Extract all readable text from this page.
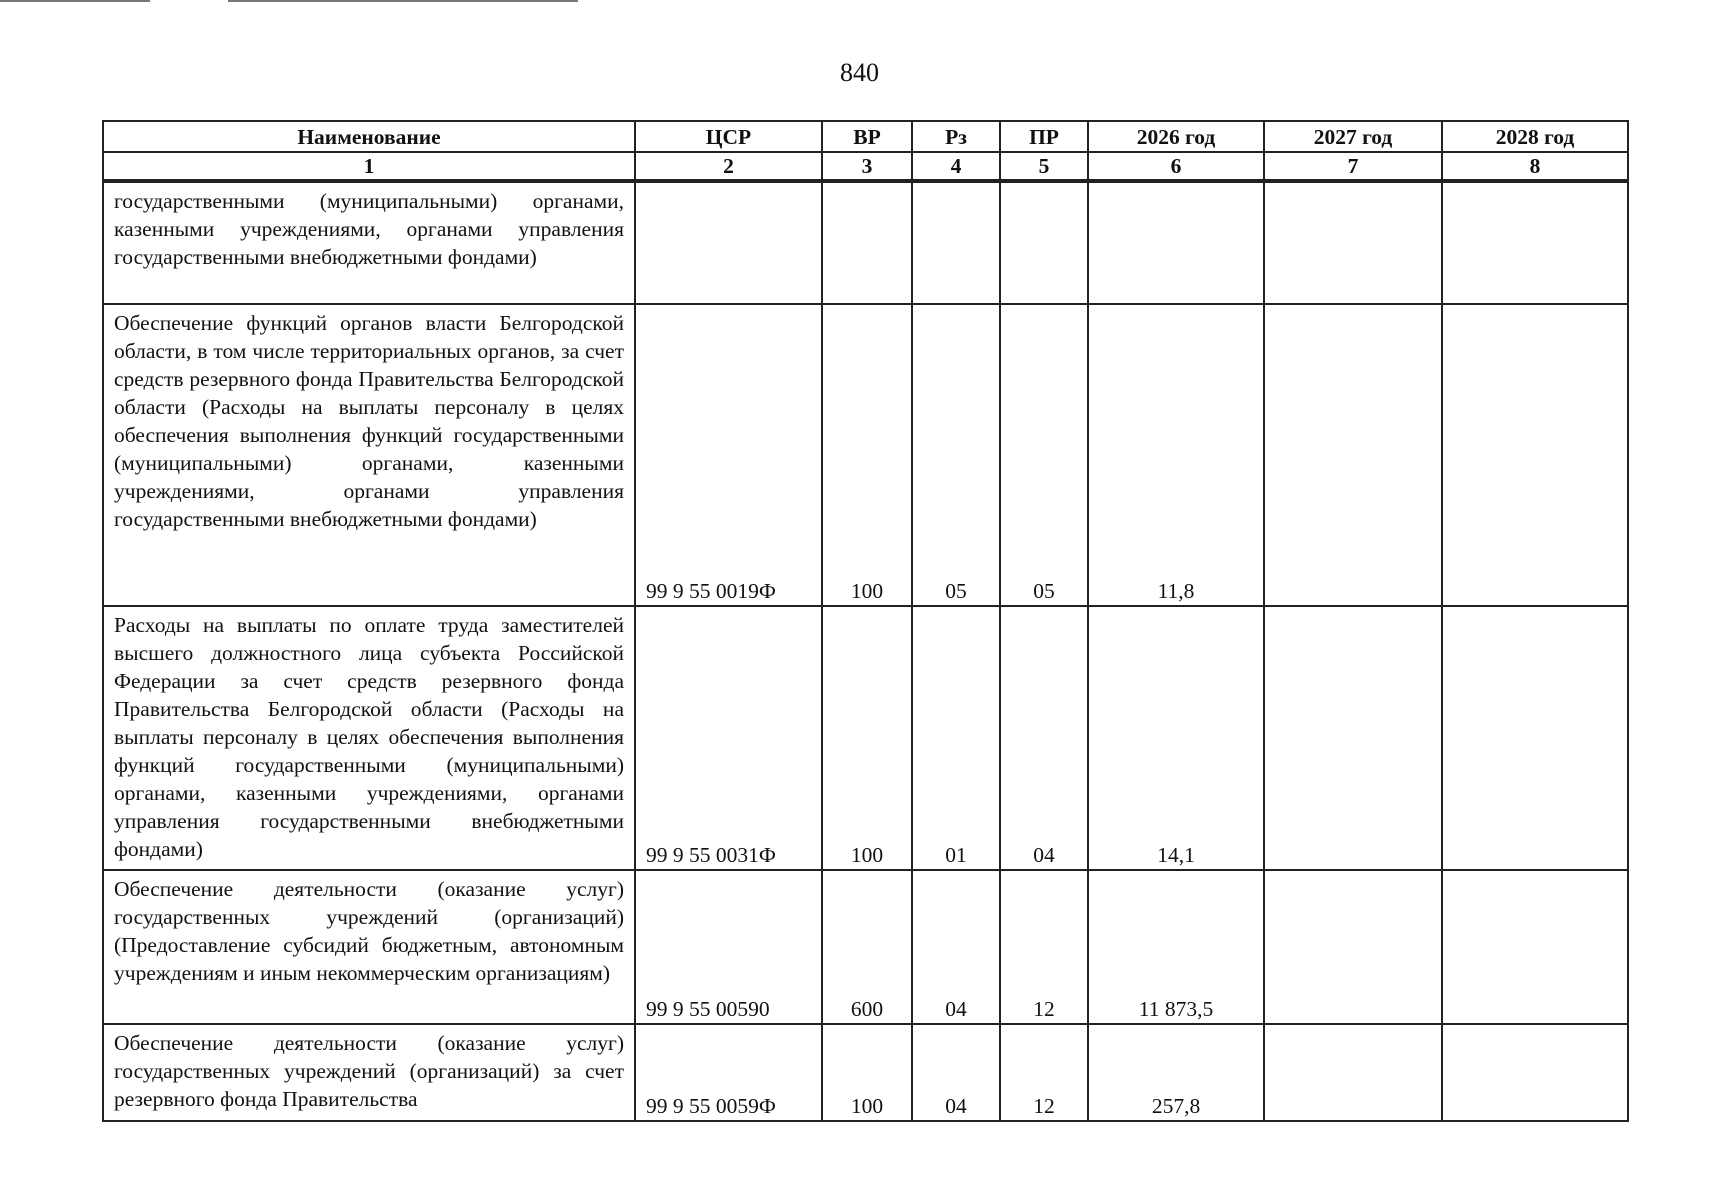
840
Наименование	ЦСР	ВР	Рз	ПР	2026 год	2027 год	2028 год
1	2	3	4	5	6	7	8
государственными (муниципальными) органами, казенными учреждениями, органами управления государственными внебюджетными фондами)							
Обеспечение функций органов власти Белгородской области, в том числе территориальных органов, за счет средств резервного фонда Правительства Белгородской области (Расходы на выплаты персоналу в целях обеспечения выполнения функций государственными (муниципальными) органами, казенными учреждениями, органами управления государственными внебюджетными фондами)	99 9 55 0019Ф	100	05	05	11,8		
Расходы на выплаты по оплате труда заместителей высшего должностного лица субъекта Российской Федерации за счет средств резервного фонда Правительства Белгородской области (Расходы на выплаты персоналу в целях обеспечения выполнения функций государственными (муниципальными) органами, казенными учреждениями, органами управления государственными внебюджетными фондами)	99 9 55 0031Ф	100	01	04	14,1		
Обеспечение деятельности (оказание услуг) государственных учреждений (организаций) (Предоставление субсидий бюджетным, автономным учреждениям и иным некоммерческим организациям)	99 9 55 00590	600	04	12	11 873,5		
Обеспечение деятельности (оказание услуг) государственных учреждений (организаций) за счет резервного фонда Правительства	99 9 55 0059Ф	100	04	12	257,8		
